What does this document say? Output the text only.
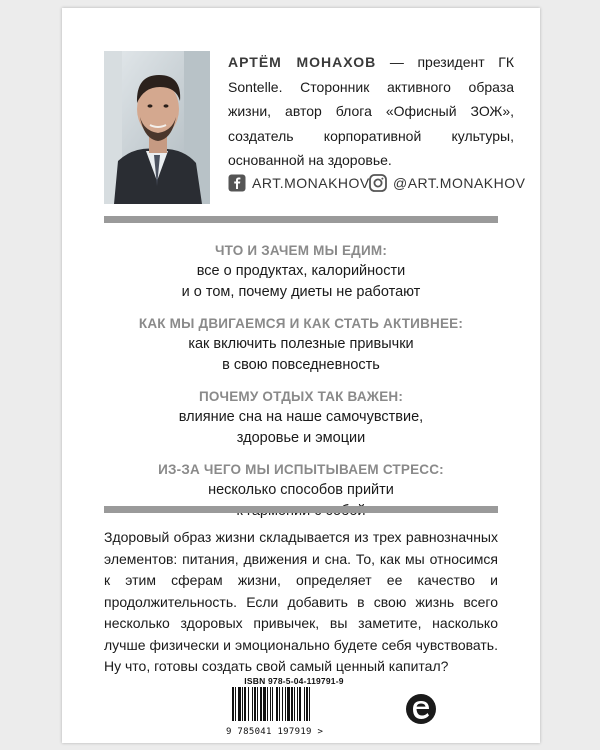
АРТЁМ МОНАХОВ — президент ГК Sontelle. Сторонник активного образа жизни, автор блога «Офисный ЗОЖ», создатель корпоративной культуры, основанной на здоровье.
ART.MONAKHOV @ART.MONAKHOV
ЧТО И ЗАЧЕМ МЫ ЕДИМ:
все о продуктах, калорийности
и о том, почему диеты не работают
КАК МЫ ДВИГАЕМСЯ И КАК СТАТЬ АКТИВНЕЕ:
как включить полезные привычки
в свою повседневность
ПОЧЕМУ ОТДЫХ ТАК ВАЖЕН:
влияние сна на наше самочувствие,
здоровье и эмоции
ИЗ-ЗА ЧЕГО МЫ ИСПЫТЫВАЕМ СТРЕСС:
несколько способов прийти
Здоровый образ жизни складывается из трех равнозначных элементов: питания, движения и сна. То, как мы относимся к этим сферам жизни, определяет ее качество и продолжительность. Если добавить в свою жизнь всего несколько здоровых привычек, вы заметите, насколько лучше физически и эмоционально будете себя чувствовать. Ну что, готовы создать свой самый ценный капитал?
ISBN 978-5-04-119791-9
9 785041 197919 >
